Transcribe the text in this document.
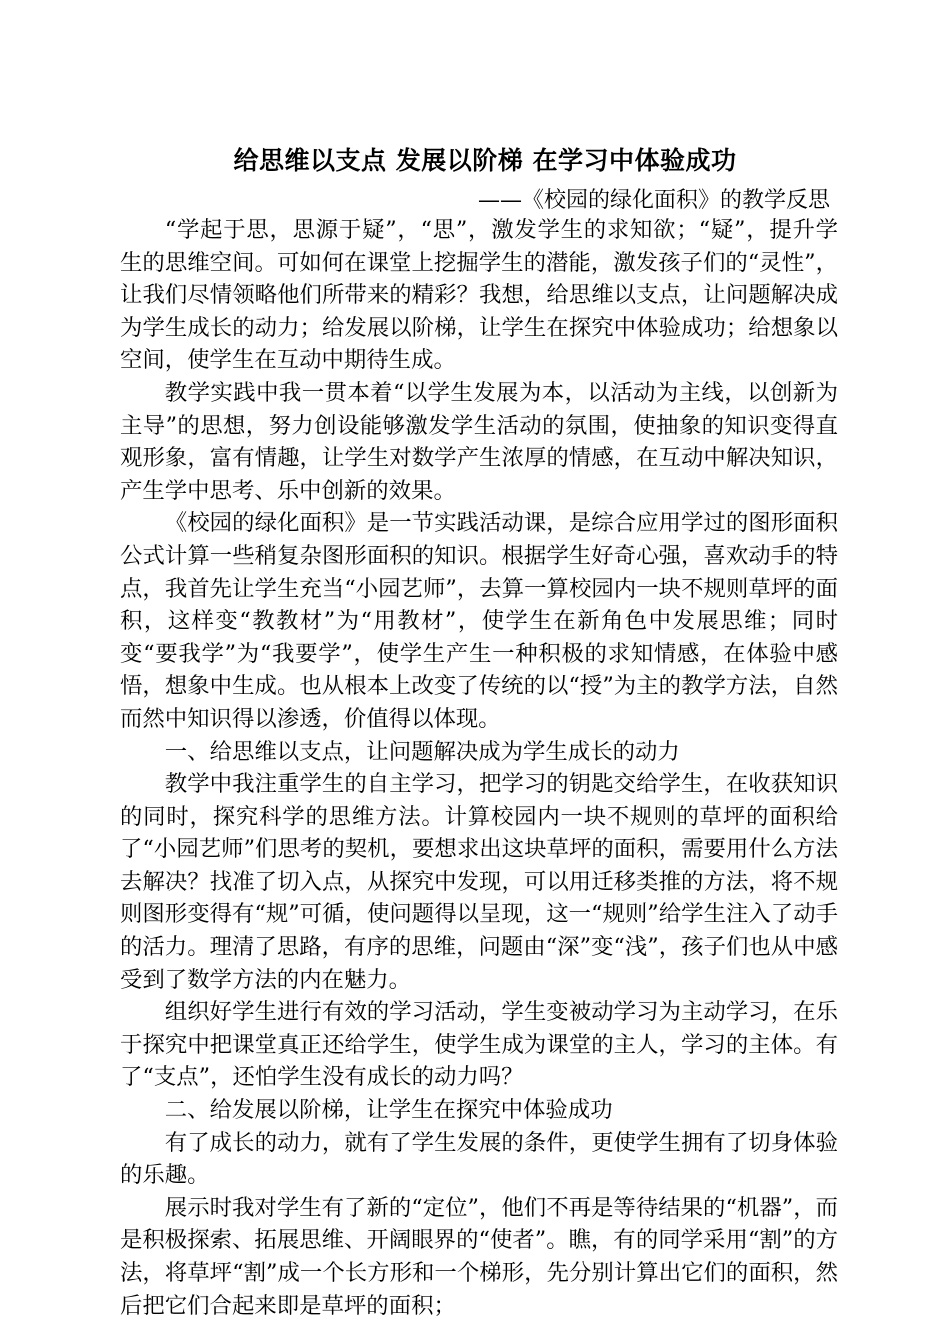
给思维以支点 发展以阶梯 在学习中体验成功
——《校园的绿化面积》的教学反思

“学起于思，思源于疑”，“思”，激发学生的求知欲；“疑”，提升学生的思维空间。可如何在课堂上挖掘学生的潜能，激发孩子们的“灵性”，让我们尽情领略他们所带来的精彩？我想，给思维以支点，让问题解决成为学生成长的动力；给发展以阶梯，让学生在探究中体验成功；给想象以空间，使学生在互动中期待生成。

教学实践中我一贯本着“以学生发展为本，以活动为主线，以创新为主导”的思想，努力创设能够激发学生活动的氛围，使抽象的知识变得直观形象，富有情趣，让学生对数学产生浓厚的情感，在互动中解决知识，产生学中思考、乐中创新的效果。

《校园的绿化面积》是一节实践活动课，是综合应用学过的图形面积公式计算一些稍复杂图形面积的知识。根据学生好奇心强，喜欢动手的特点，我首先让学生充当“小园艺师”，去算一算校园内一块不规则草坪的面积，这样变“教教材”为“用教材”，使学生在新角色中发展思维；同时变“要我学”为“我要学”，使学生产生一种积极的求知情感，在体验中感悟，想象中生成。也从根本上改变了传统的以“授”为主的教学方法，自然而然中知识得以渗透，价值得以体现。

一、给思维以支点，让问题解决成为学生成长的动力

教学中我注重学生的自主学习，把学习的钥匙交给学生，在收获知识的同时，探究科学的思维方法。计算校园内一块不规则的草坪的面积给了“小园艺师”们思考的契机，要想求出这块草坪的面积，需要用什么方法去解决？找准了切入点，从探究中发现，可以用迁移类推的方法，将不规则图形变得有“规”可循，使问题得以呈现，这一“规则”给学生注入了动手的活力。理清了思路，有序的思维，问题由“深”变“浅”，孩子们也从中感受到了数学方法的内在魅力。

组织好学生进行有效的学习活动，学生变被动学习为主动学习，在乐于探究中把课堂真正还给学生，使学生成为课堂的主人，学习的主体。有了“支点”，还怕学生没有成长的动力吗？

二、给发展以阶梯，让学生在探究中体验成功

有了成长的动力，就有了学生发展的条件，更使学生拥有了切身体验的乐趣。

展示时我对学生有了新的“定位”，他们不再是等待结果的“机器”，而是积极探索、拓展思维、开阔眼界的“使者”。瞧，有的同学采用“割”的方法，将草坪“割”成一个长方形和一个梯形，先分别计算出它们的面积，然后把它们合起来即是草坪的面积；
